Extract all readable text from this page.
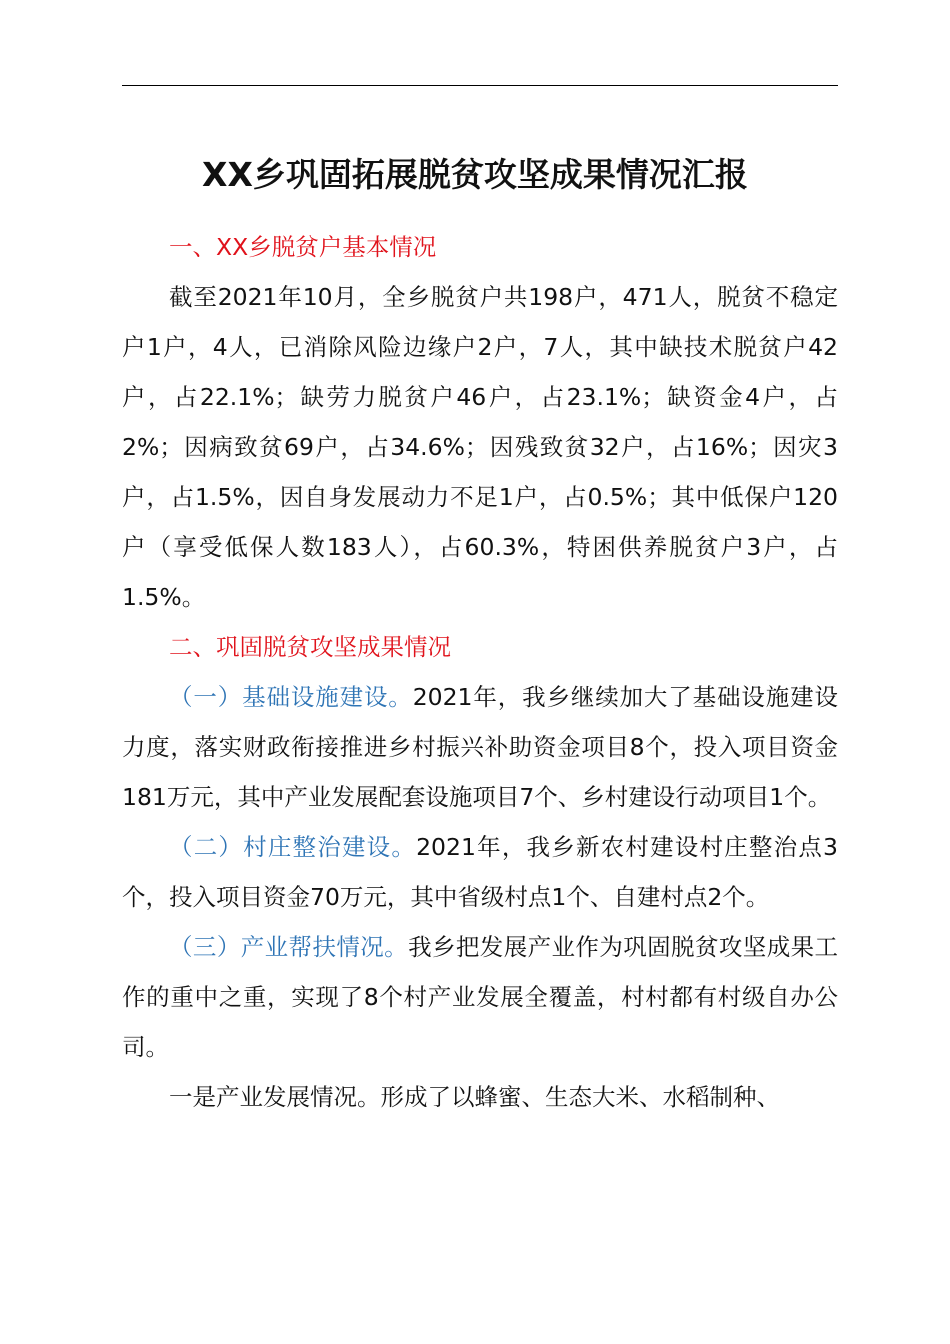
XX乡巩固拓展脱贫攻坚成果情况汇报

一、XX乡脱贫户基本情况

截至2021年10月，全乡脱贫户共198户，471人，脱贫不稳定户1户，4人，已消除风险边缘户2户，7人，其中缺技术脱贫户42户，占22.1%；缺劳力脱贫户46户，占23.1%；缺资金4户，占2%；因病致贫69户，占34.6%；因残致贫32户，占16%；因灾3户，占1.5%，因自身发展动力不足1户，占0.5%；其中低保户120户（享受低保人数183人），占60.3%，特困供养脱贫户3户，占1.5%。

二、巩固脱贫攻坚成果情况

（一）基础设施建设。2021年，我乡继续加大了基础设施建设力度，落实财政衔接推进乡村振兴补助资金项目8个，投入项目资金181万元，其中产业发展配套设施项目7个、乡村建设行动项目1个。

（二）村庄整治建设。2021年，我乡新农村建设村庄整治点3个，投入项目资金70万元，其中省级村点1个、自建村点2个。

（三）产业帮扶情况。我乡把发展产业作为巩固脱贫攻坚成果工作的重中之重，实现了8个村产业发展全覆盖，村村都有村级自办公司。

一是产业发展情况。形成了以蜂蜜、生态大米、水稻制种、
